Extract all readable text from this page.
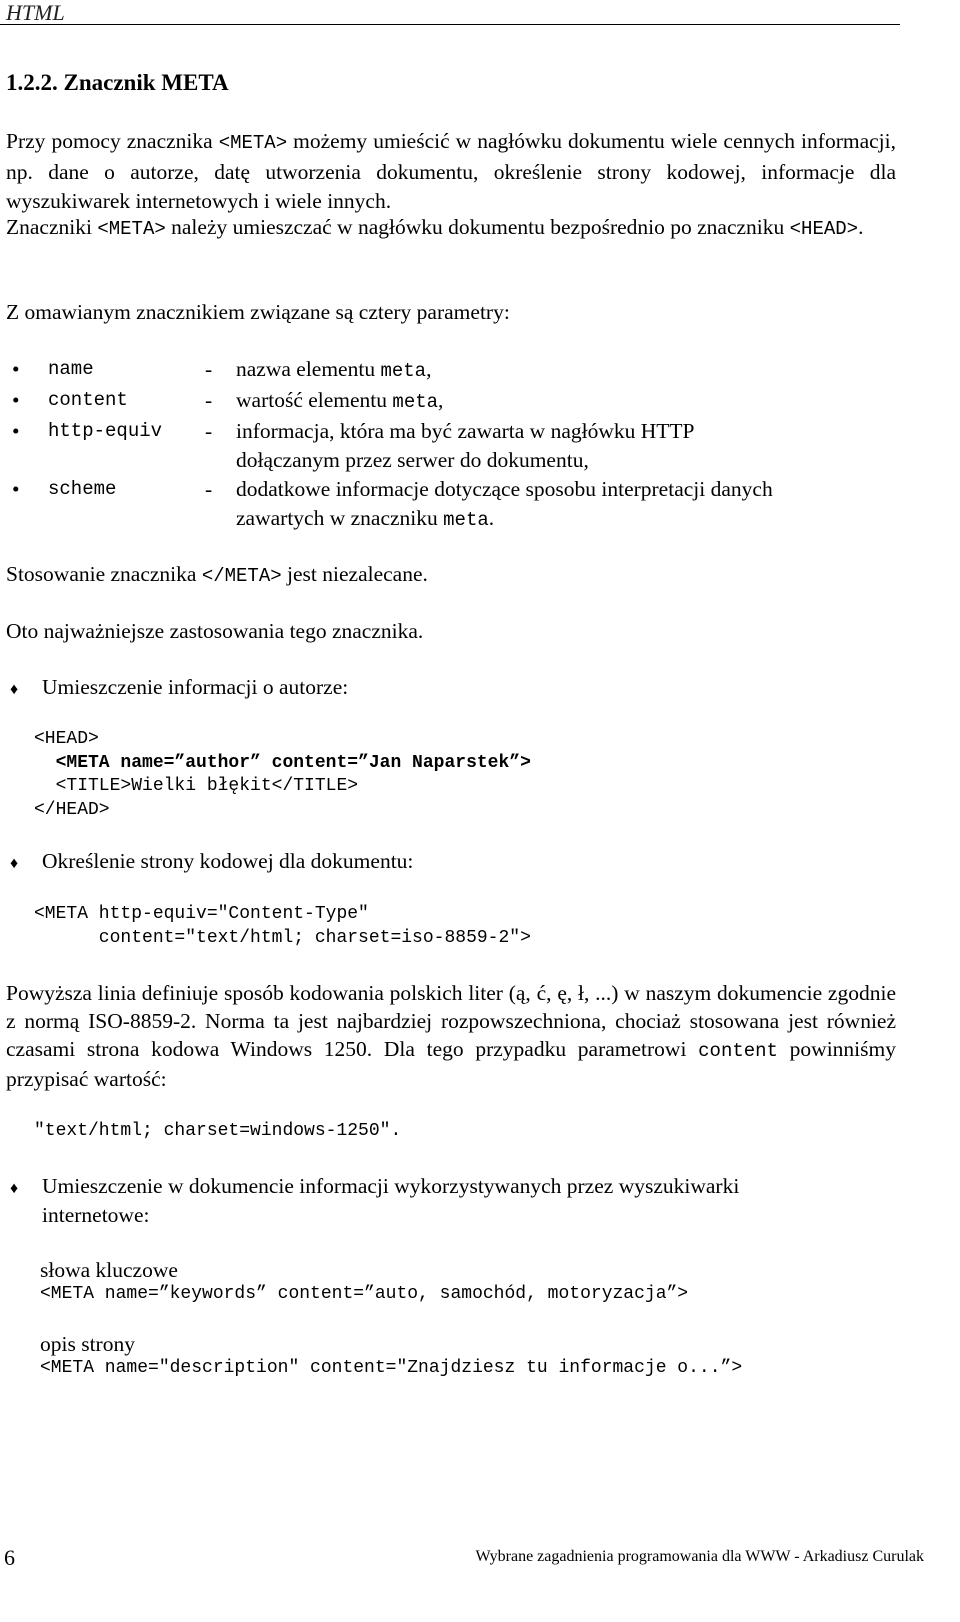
HTML
1.2.2. Znacznik META
Przy pomocy znacznika <META> możemy umieścić w nagłówku dokumentu wiele cennych informacji, np. dane o autorze, datę utworzenia dokumentu, określenie strony kodowej, informacje dla wyszukiwarek internetowych i wiele innych.
Znaczniki <META> należy umieszczać w nagłówku dokumentu bezpośrednio po znaczniku <HEAD>.
Z omawianym znacznikiem związane są cztery parametry:
• name	- nazwa elementu meta,
• content	- wartość elementu meta,
• http-equiv - informacja, która ma być zawarta w nagłówku HTTP dołączanym przez serwer do dokumentu,
• scheme	- dodatkowe informacje dotyczące sposobu interpretacji danych zawartych w znaczniku meta.
Stosowanie znacznika </META> jest niezalecane.
Oto najważniejsze zastosowania tego znacznika.
♦ Umieszczenie informacji o autorze:
<HEAD>
<META name=”author” content=”Jan Naparstek”>
<TITLE>Wielki błękit</TITLE>
</HEAD>
♦ Określenie strony kodowej dla dokumentu:
<META http-equiv="Content-Type"
content="text/html; charset=iso-8859-2">
Powyższa linia definiuje sposób kodowania polskich liter (ą, ć, ę, ł, ...) w naszym dokumencie zgodnie z normą ISO-8859-2. Norma ta jest najbardziej rozpowszechniona, chociaż stosowana jest również czasami strona kodowa Windows 1250. Dla tego przypadku parametrowi content powinniśmy przypisać wartość:
"text/html; charset=windows-1250".
♦ Umieszczenie w dokumencie informacji wykorzystywanych przez wyszukiwarki internetowe:
słowa kluczowe
<META name=”keywords” content=”auto, samochód, motoryzacja”>
opis strony
<META name="description" content="Znajdziesz tu informacje o...”>
6	Wybrane zagadnienia programowania dla WWW - Arkadiusz Curulak
